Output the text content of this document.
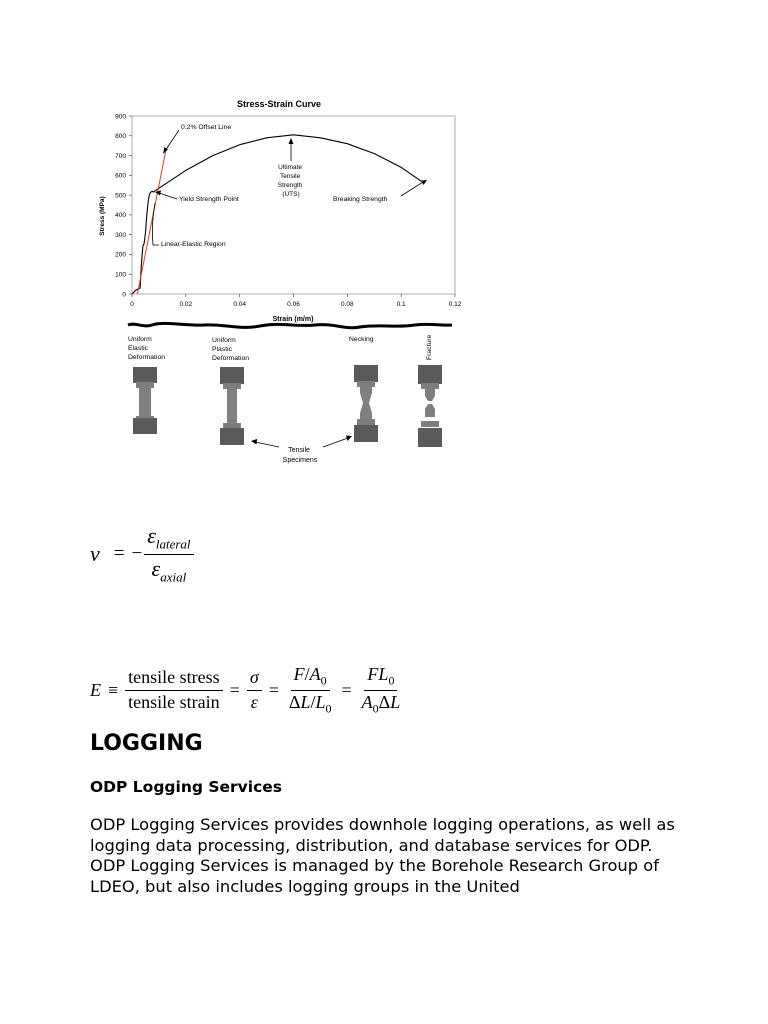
Stress-Strain Curve
0
100
200
300
400
500
600
700
800
900
0	0.02	0.04	0.06	0.08	0.1	0.12
Stress (MPa)
Strain (m/m)
0.2% Offset Line
Ultimate Tensile Strength (UTS)
Yield Strength Point	Breaking Strength
Linear-Elastic Region
Uniform Elastic Deformation
Uniform Plastic Deformation
Necking	Fracture
Tensile Specimens
ν = − $\frac{\varepsilon_{lateral}}{\varepsilon_{axial}}$
$E \equiv \frac{\text{tensile stress}}{\text{tensile strain}} = \frac{\sigma}{\varepsilon} = \frac{F/A_0}{\Delta L/L_0} = \frac{FL_0}{A_0\Delta L}$
LOGGING
ODP Logging Services

ODP Logging Services provides downhole logging operations, as well as logging data processing, distribution, and database services for ODP. ODP Logging Services is managed by the Borehole Research Group of LDEO, but also includes logging groups in the United
